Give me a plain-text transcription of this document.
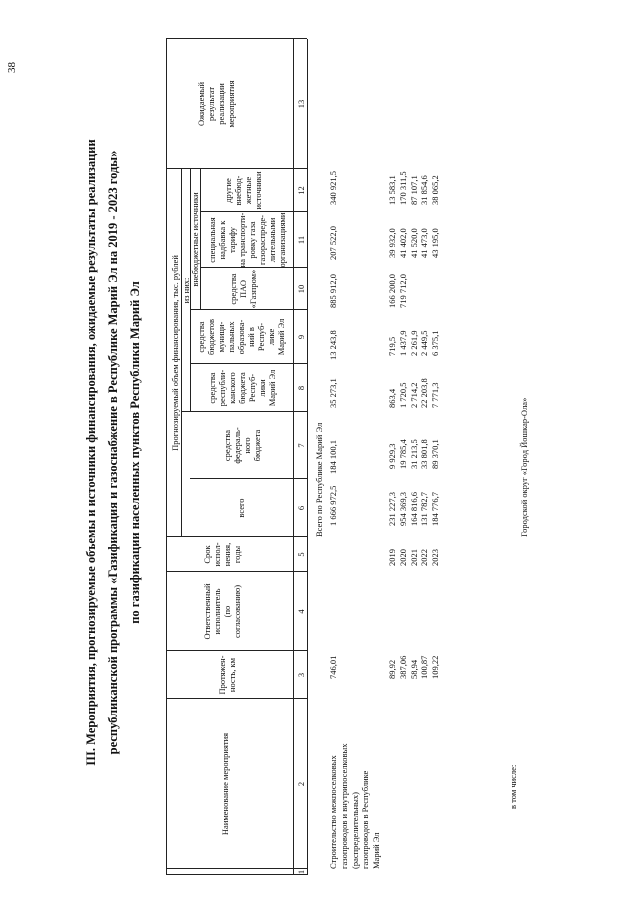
38
III. Мероприятия, прогнозируемые объемы и источники финансирования, ожидаемые результаты реализации республиканской программы «Газификация и газоснабжение в Республике Марий Эл на 2019 - 2023 годы» по газификации населенных пунктов Республики Марий Эл
Наименование мероприятия
Протяжен-
ность, км
Ответственный
исполнитель
(по
согласованию)
Срок
испол-
нения,
годы
Прогнозируемый объем финансирования, тыс. рублей из них:
внебюджетные источники
всего
средства
федераль-
ного
бюджета
средства
республи-
канского
бюджета
Респуб-
лики
Марий Эл
средства
бюджетов
муници-
пальных
образова-
ний в
Респуб-
лике
Марий Эл
средства
ПАО
«Газпром»
специальная
надбавка к
тарифу
на транспорти-
ровку газа
газораспреде-
лительными
организациями
другие
внебюд-
жетные
источники
Ожидаемый
результат
реализации
мероприятия
1
2
3
4
5
6
7
8
9
10
11
12
13
Всего по Республике Марий Эл
Строительство межпоселковых
газопроводов и внутрипоселковых
(распределительных)
газопроводов в Республике
Марий Эл
746,01
1 666 972,5
184 100,1
35 273,1
13 243,8
885 912,0
207 522,0
340 921,5
89,92 387,06 58,94 100,87 109,22
2019 2020 2021 2022 2023
231 227,3 954 369,3 164 816,6 131 782,7 184 776,7
9 929,3 19 785,4 31 213,5 33 801,8 89 370,1
863,4 1 720,5 2 714,2 22 203,8 7 771,3
719,5 1 437,9 2 261,9 2 449,5 6 375,1
166 200,0 719 712,0
39 932,0 41 402,0 41 520,0 41 473,0 43 195,0
13 583,1 170 311,5 87 107,1 31 854,6 38 065,2
в том числе:
Городской округ «Город Йошкар-Ола»
